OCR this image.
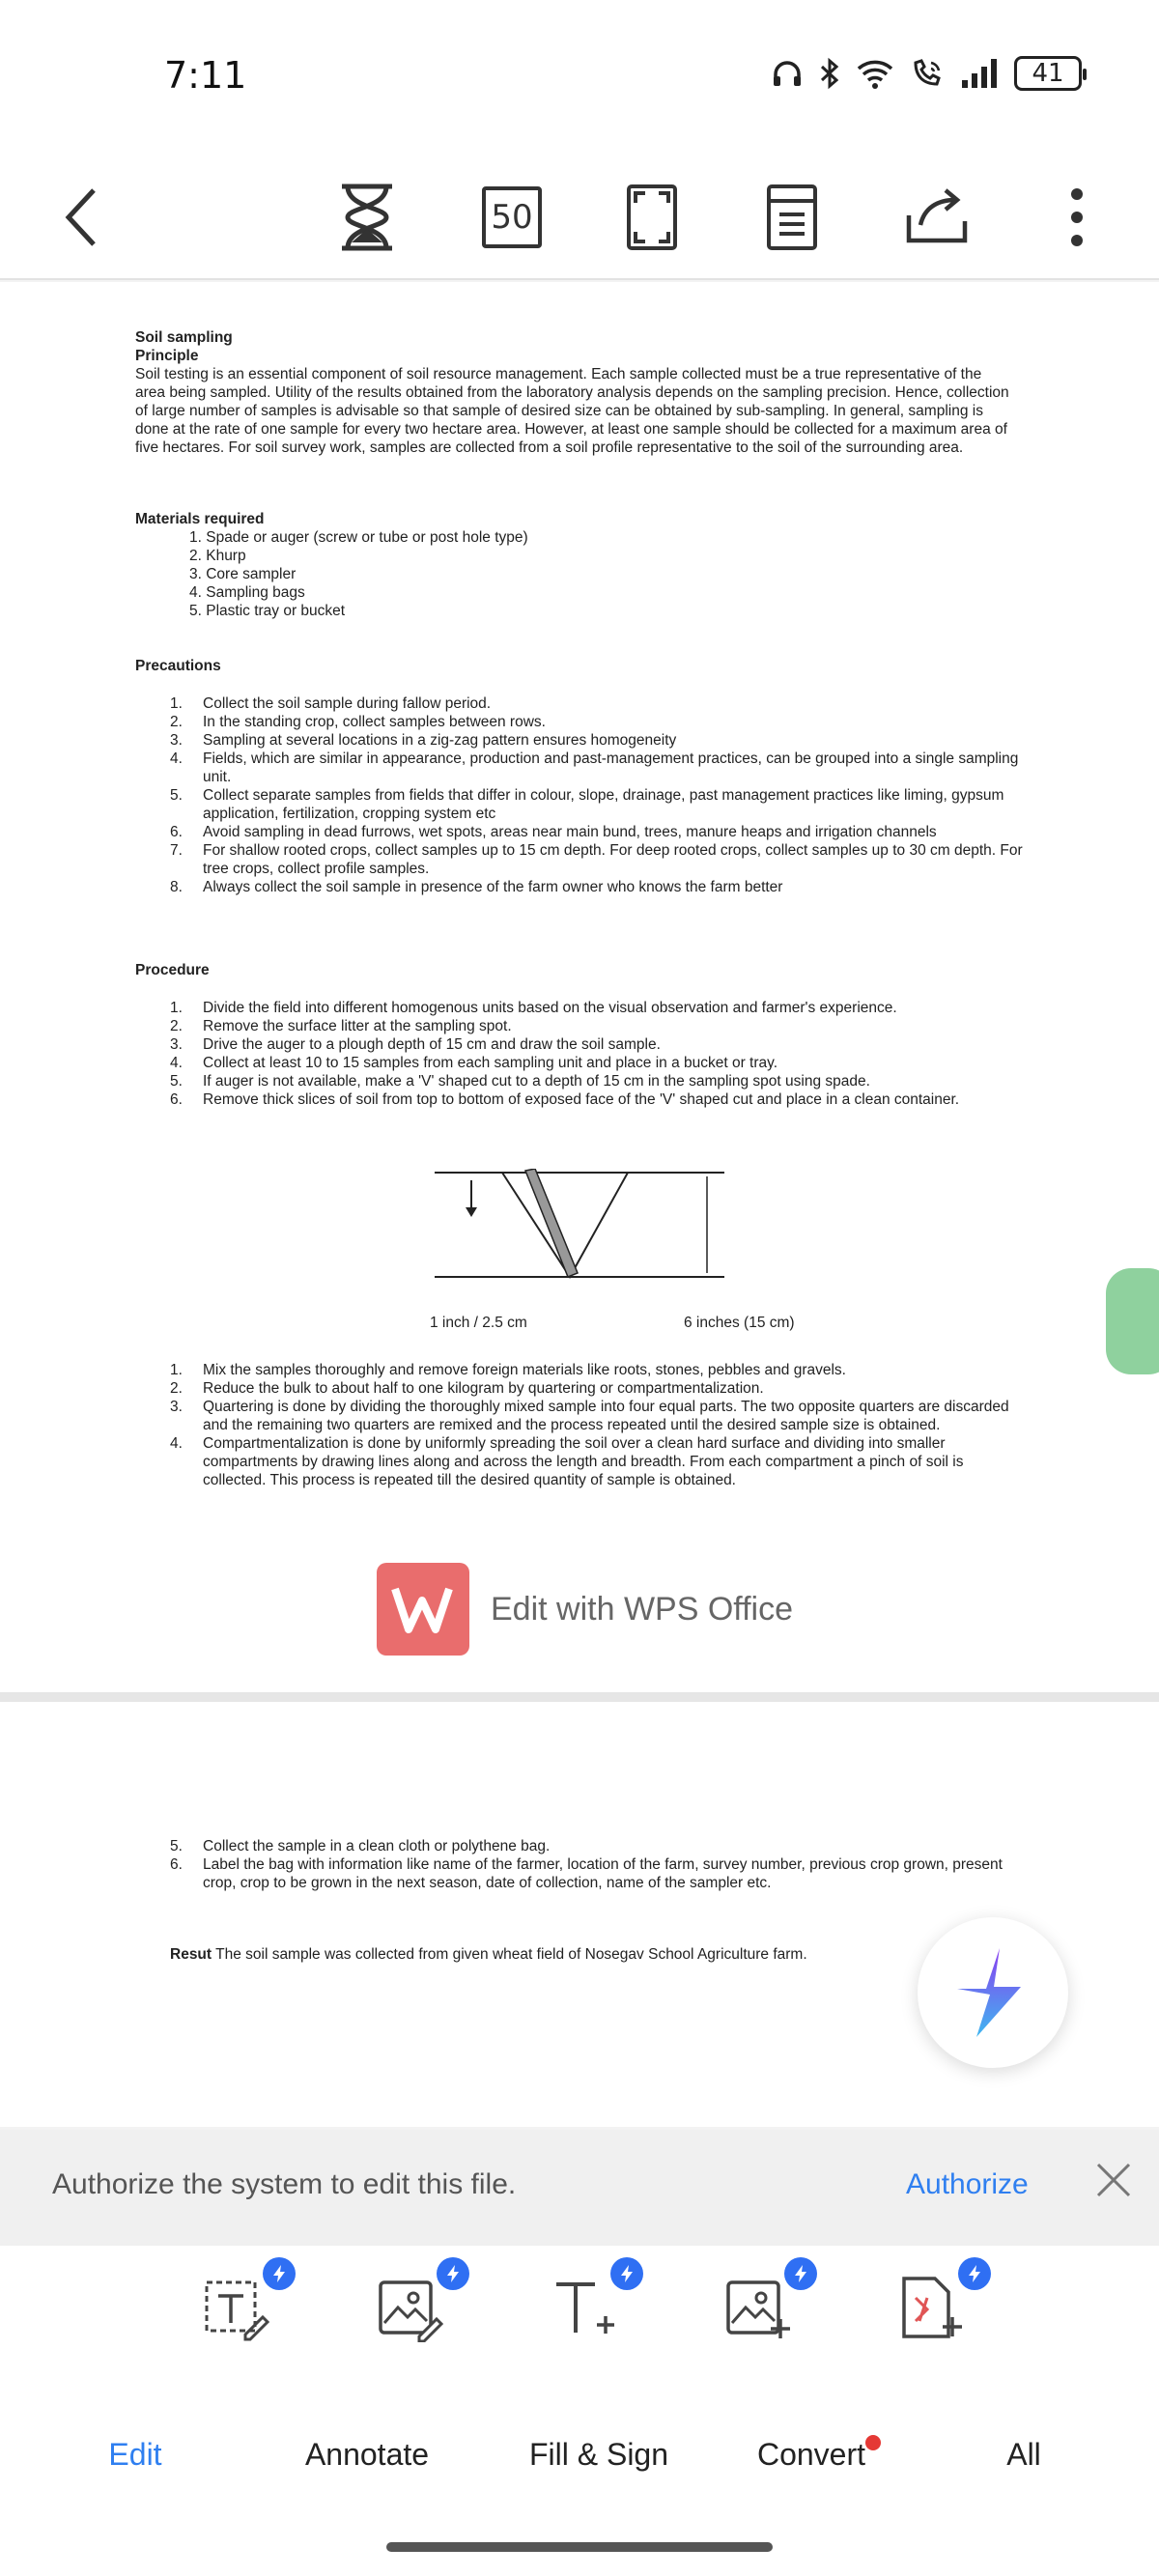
7:11	41
50
Soil sampling
Principle
Soil testing is an essential component of soil resource management. Each sample collected must be a true representative of the area being sampled. Utility of the results obtained from the laboratory analysis depends on the sampling precision. Hence, collection of large number of samples is advisable so that sample of desired size can be obtained by sub-sampling. In general, sampling is done at the rate of one sample for every two hectare area. However, at least one sample should be collected for a maximum area of five hectares. For soil survey work, samples are collected from a soil profile representative to the soil of the surrounding area.
Materials required
1. Spade or auger (screw or tube or post hole type)
2. Khurp
3. Core sampler
4. Sampling bags
5. Plastic tray or bucket
Precautions
1. Collect the soil sample during fallow period.
2. In the standing crop, collect samples between rows.
3. Sampling at several locations in a zig-zag pattern ensures homogeneity
4. Fields, which are similar in appearance, production and past-management practices, can be grouped into a single sampling unit.
5. Collect separate samples from fields that differ in colour, slope, drainage, past management practices like liming, gypsum application, fertilization, cropping system etc
6. Avoid sampling in dead furrows, wet spots, areas near main bund, trees, manure heaps and irrigation channels
7. For shallow rooted crops, collect samples up to 15 cm depth. For deep rooted crops, collect samples up to 30 cm depth. For tree crops, collect profile samples.
8. Always collect the soil sample in presence of the farm owner who knows the farm better
Procedure
1. Divide the field into different homogenous units based on the visual observation and farmer's experience.
2. Remove the surface litter at the sampling spot.
3. Drive the auger to a plough depth of 15 cm and draw the soil sample.
4. Collect at least 10 to 15 samples from each sampling unit and place in a bucket or tray.
5. If auger is not available, make a 'V' shaped cut to a depth of 15 cm in the sampling spot using spade.
6. Remove thick slices of soil from top to bottom of exposed face of the 'V' shaped cut and place in a clean container.
1 inch / 2.5 cm	6 inches (15 cm)
1. Mix the samples thoroughly and remove foreign materials like roots, stones, pebbles and gravels.
2. Reduce the bulk to about half to one kilogram by quartering or compartmentalization.
3. Quartering is done by dividing the thoroughly mixed sample into four equal parts. The two opposite quarters are discarded and the remaining two quarters are remixed and the process repeated until the desired sample size is obtained.
4. Compartmentalization is done by uniformly spreading the soil over a clean hard surface and dividing into smaller compartments by drawing lines along and across the length and breadth. From each compartment a pinch of soil is collected. This process is repeated till the desired quantity of sample is obtained.
Edit with WPS Office
5. Collect the sample in a clean cloth or polythene bag.
6. Label the bag with information like name of the farmer, location of the farm, survey number, previous crop grown, present crop, crop to be grown in the next season, date of collection, name of the sampler etc.
Resut The soil sample was collected from given wheat field of Nosegav School Agriculture farm.
Authorize the system to edit this file.	Authorize
Edit	Annotate	Fill & Sign	Convert	All
